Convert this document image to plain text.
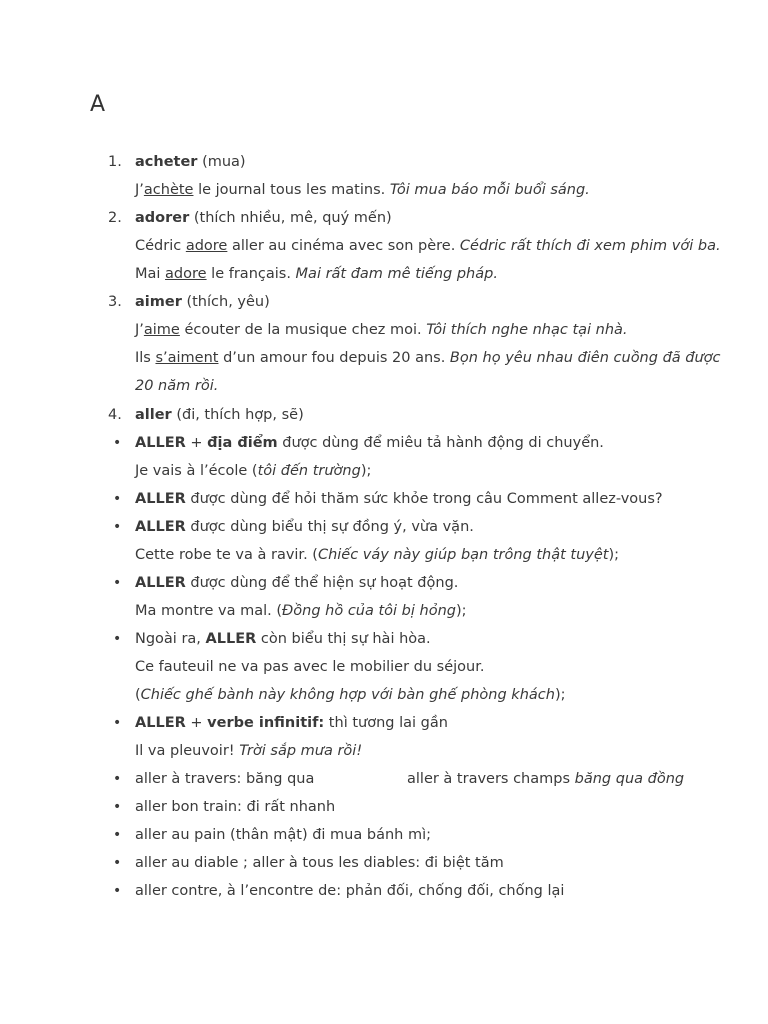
A
1. acheter (mua)
J’achète le journal tous les matins. Tôi mua báo mỗi buổi sáng.
2. adorer (thích nhiều, mê, quý mến)
Cédric adore aller au cinéma avec son père. Cédric rất thích đi xem phim với ba.
Mai adore le français. Mai rất đam mê tiếng pháp.
3. aimer (thích, yêu)
J’aime écouter de la musique chez moi. Tôi thích nghe nhạc tại nhà.
Ils s’aiment d’un amour fou depuis 20 ans. Bọn họ yêu nhau điên cuồng đã được
20 năm rồi.
4. aller (đi, thích hợp, sẽ)
• ALLER + địa điểm được dùng để miêu tả hành động di chuyển.
Je vais à l’école (tôi đến trường);
• ALLER được dùng để hỏi thăm sức khỏe trong câu Comment allez-vous?
• ALLER được dùng biểu thị sự đồng ý, vừa vặn.
Cette robe te va à ravir. (Chiếc váy này giúp bạn trông thật tuyệt);
• ALLER được dùng để thể hiện sự hoạt động.
Ma montre va mal. (Đồng hồ của tôi bị hỏng);
• Ngoài ra, ALLER còn biểu thị sự hài hòa.
Ce fauteuil ne va pas avec le mobilier du séjour.
(Chiếc ghế bành này không hợp với bàn ghế phòng khách);
• ALLER + verbe infinitif: thì tương lai gần
Il va pleuvoir! Trời sắp mưa rồi!
• aller à travers: băng qua	aller à travers champs băng qua đồng
• aller bon train: đi rất nhanh
• aller au pain (thân mật) đi mua bánh mì;
• aller au diable ; aller à tous les diables: đi biệt tăm
• aller contre, à l’encontre de: phản đối, chống đối, chống lại
